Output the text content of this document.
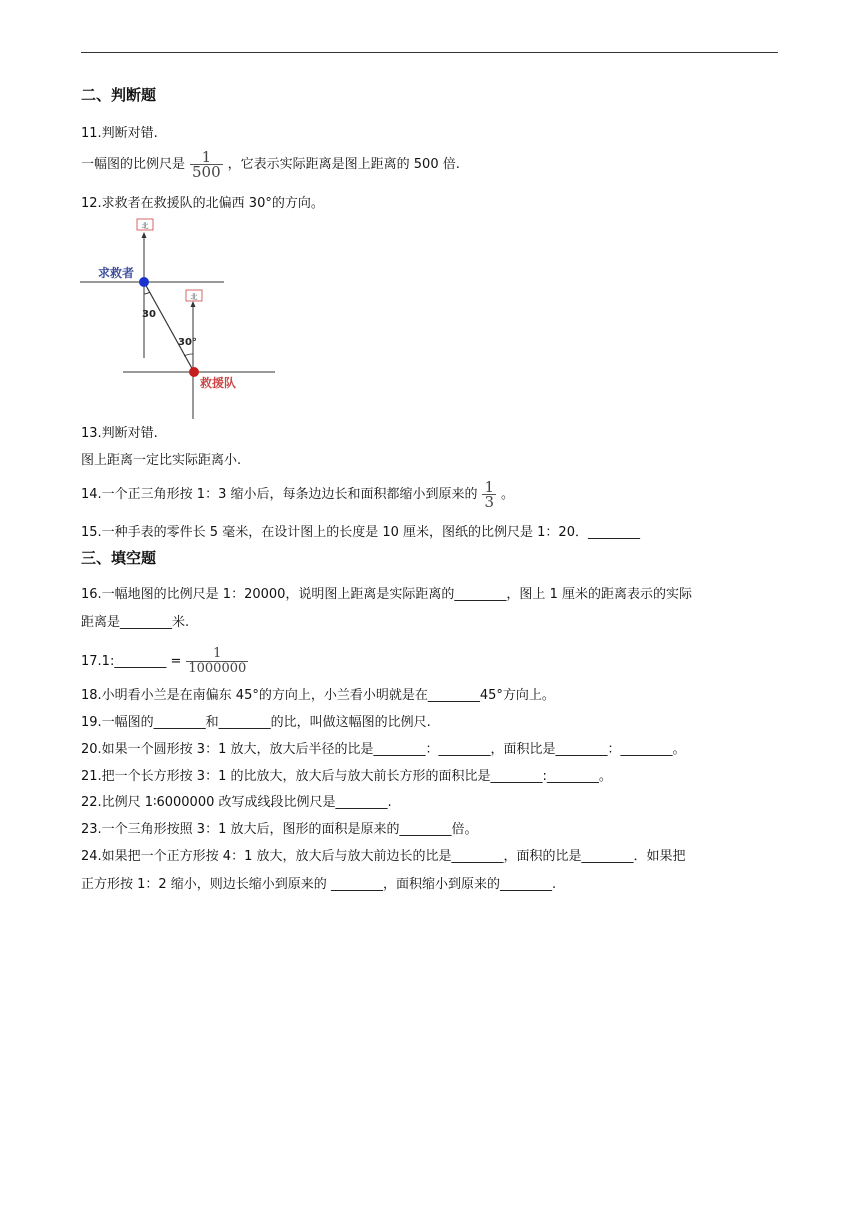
二、判断题
11.判断对错.
一幅图的比例尺是 $\frac{1}{500}$ ，它表示实际距离是图上距离的 500 倍.
12.求救者在救援队的北偏西 30°的方向。
北
北
30
30°
求救者
救援队
13.判断对错.
图上距离一定比实际距离小.
14.一个正三角形按 1：3 缩小后，每条边边长和面积都缩小到原来的 $\frac{1}{3}$ 。
15.一种手表的零件长 5 毫米，在设计图上的长度是 10 厘米，图纸的比例尺是 1：20．________
三、填空题
16.一幅地图的比例尺是 1：20000，说明图上距离是实际距离的________，图上 1 厘米的距离表示的实际
距离是________米.
17.1:________ = $\frac{1}{1000000}$
18.小明看小兰是在南偏东 45°的方向上，小兰看小明就是在________45°方向上。
19.一幅图的________和________的比，叫做这幅图的比例尺.
20.如果一个圆形按 3：1 放大，放大后半径的比是________：________，面积比是________：________。
21.把一个长方形按 3：1 的比放大，放大后与放大前长方形的面积比是________:________。
22.比例尺 1∶6000000 改写成线段比例尺是________.
23.一个三角形按照 3：1 放大后，图形的面积是原来的________倍。
24.如果把一个正方形按 4：1 放大，放大后与放大前边长的比是________，面积的比是________．如果把
正方形按 1：2 缩小，则边长缩小到原来的 ________，面积缩小到原来的________.
